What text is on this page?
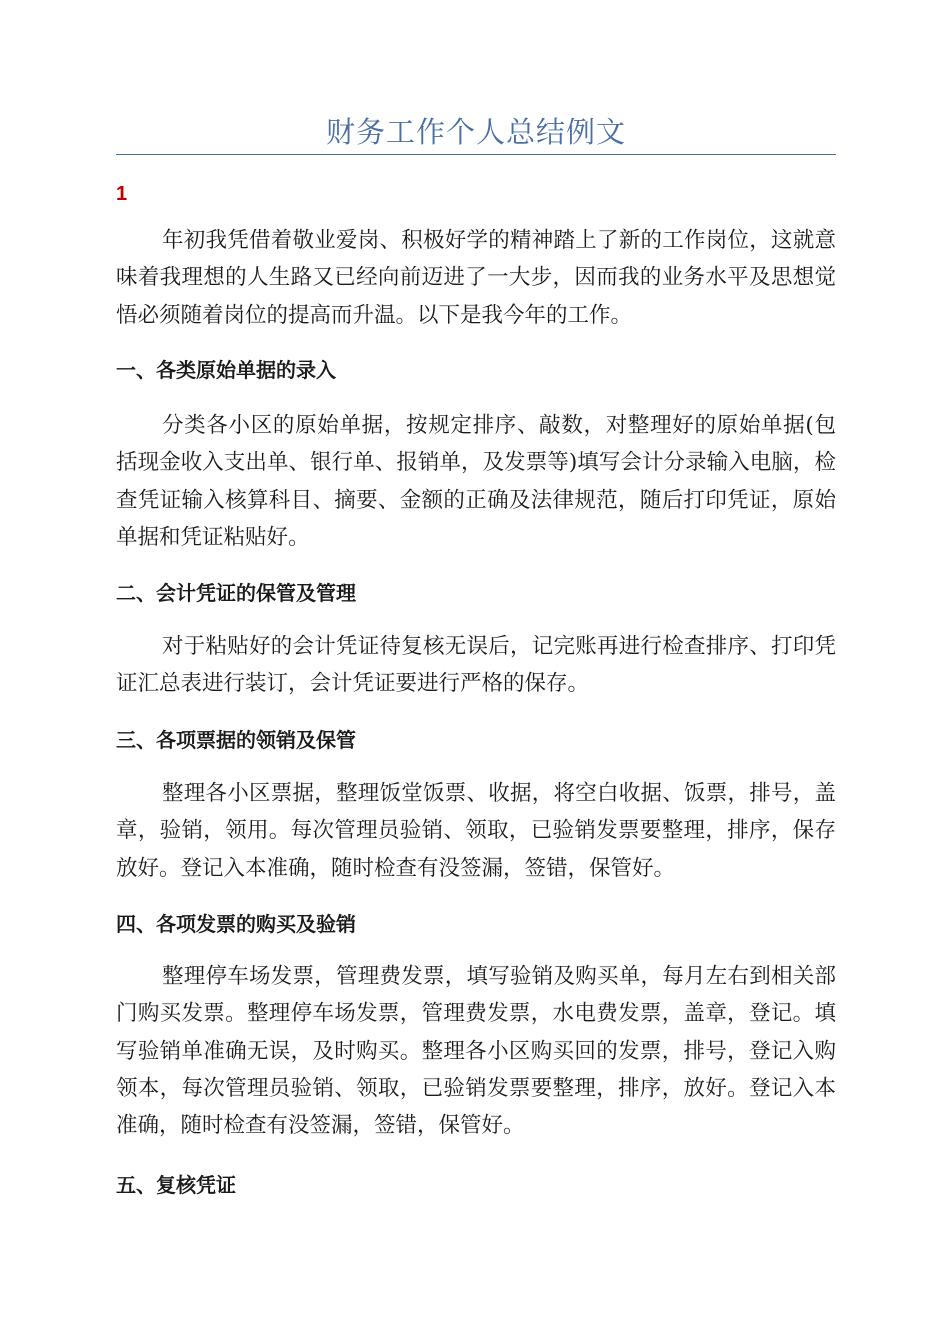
财务工作个人总结例文
1

年初我凭借着敬业爱岗、积极好学的精神踏上了新的工作岗位，这就意味着我理想的人生路又已经向前迈进了一大步，因而我的业务水平及思想觉悟必须随着岗位的提高而升温。以下是我今年的工作。

一、各类原始单据的录入

分类各小区的原始单据，按规定排序、敲数，对整理好的原始单据(包括现金收入支出单、银行单、报销单，及发票等)填写会计分录输入电脑，检查凭证输入核算科目、摘要、金额的正确及法律规范，随后打印凭证，原始单据和凭证粘贴好。

二、会计凭证的保管及管理

对于粘贴好的会计凭证待复核无误后，记完账再进行检查排序、打印凭证汇总表进行装订，会计凭证要进行严格的保存。

三、各项票据的领销及保管

整理各小区票据，整理饭堂饭票、收据，将空白收据、饭票，排号，盖章，验销，领用。每次管理员验销、领取，已验销发票要整理，排序，保存放好。登记入本准确，随时检查有没签漏，签错，保管好。

四、各项发票的购买及验销

整理停车场发票，管理费发票，填写验销及购买单，每月左右到相关部门购买发票。整理停车场发票，管理费发票，水电费发票，盖章，登记。填写验销单准确无误，及时购买。整理各小区购买回的发票，排号，登记入购领本，每次管理员验销、领取，已验销发票要整理，排序，放好。登记入本准确，随时检查有没签漏，签错，保管好。

五、复核凭证
